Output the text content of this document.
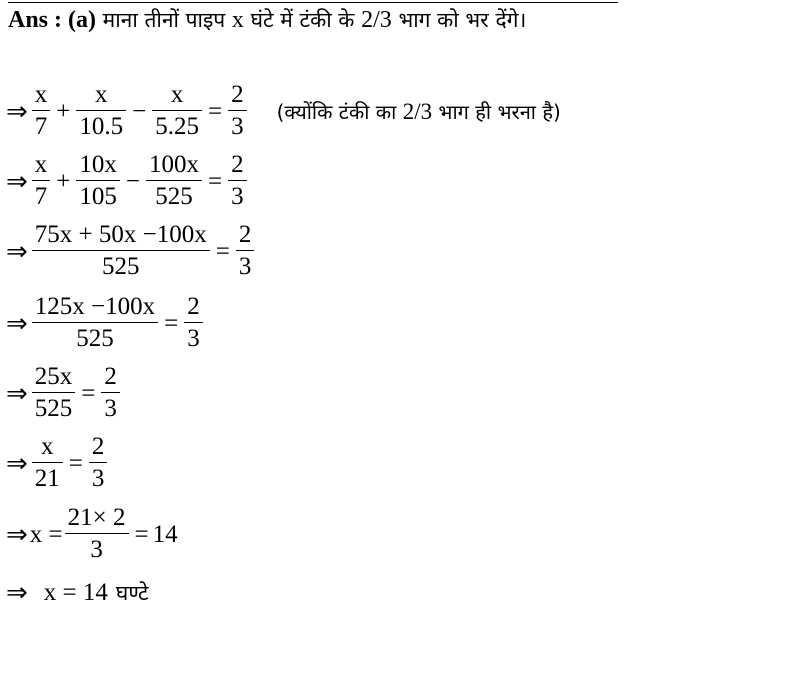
Ans : (a) माना तीनों पाइप x घंटे में टंकी के 2/3 भाग को भर देंगे।
⇒ $\frac{x}{7} + \frac{x}{10.5} - \frac{x}{5.25} = \frac{2}{3}$ (क्योंकि टंकी का 2/3 भाग ही भरना है)
⇒ $\frac{x}{7} + \frac{10x}{105} - \frac{100x}{525} = \frac{2}{3}$
⇒ $\frac{75x + 50x -100x}{525} = \frac{2}{3}$
⇒ $\frac{125x -100x}{525} = \frac{2}{3}$
⇒ $\frac{25x}{525} = \frac{2}{3}$
⇒ $\frac{x}{21} = \frac{2}{3}$
⇒ $x = \frac{21\times 2}{3} = 14$
⇒ x = 14 घण्टे
